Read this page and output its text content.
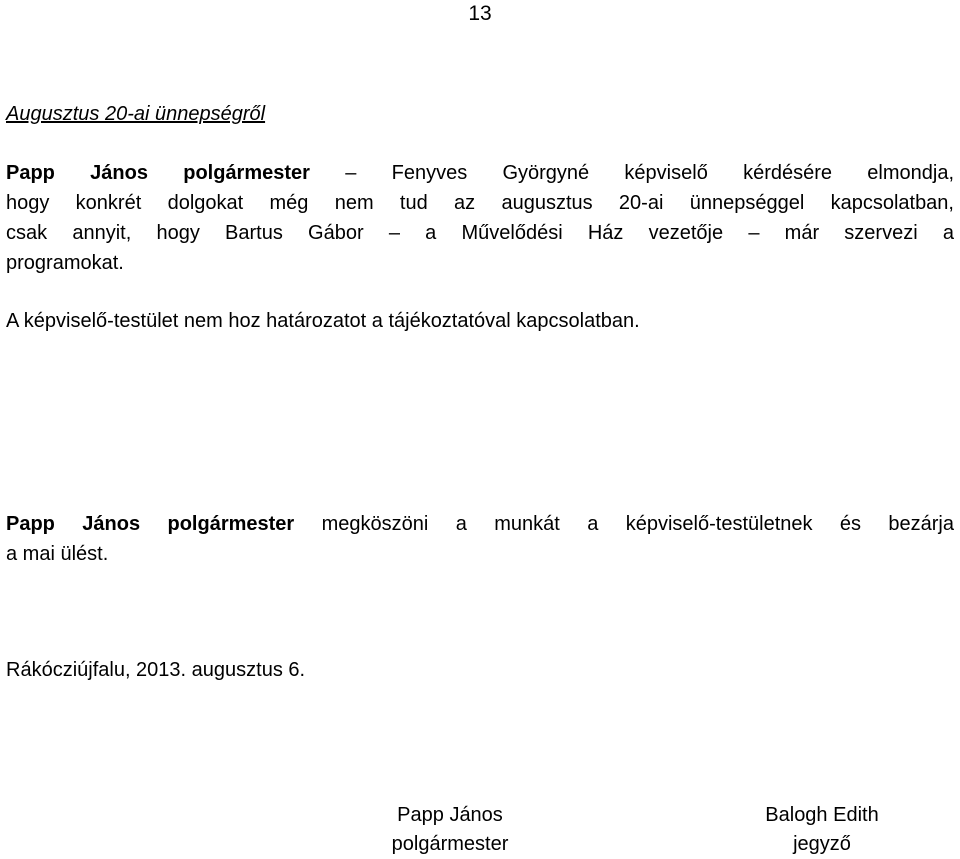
13
Augusztus 20-ai ünnepségről
Papp János polgármester – Fenyves Györgyné képviselő kérdésére elmondja,
hogy konkrét dolgokat még nem tud az augusztus 20-ai ünnepséggel kapcsolatban,
csak annyit, hogy Bartus Gábor – a Művelődési Ház vezetője – már szervezi a
programokat.
A képviselő-testület nem hoz határozatot a tájékoztatóval kapcsolatban.
Papp János polgármester megköszöni a munkát a képviselő-testületnek és bezárja
a mai ülést.
Rákócziújfalu, 2013. augusztus 6.
Papp János
polgármester
Balogh Edith
jegyző
